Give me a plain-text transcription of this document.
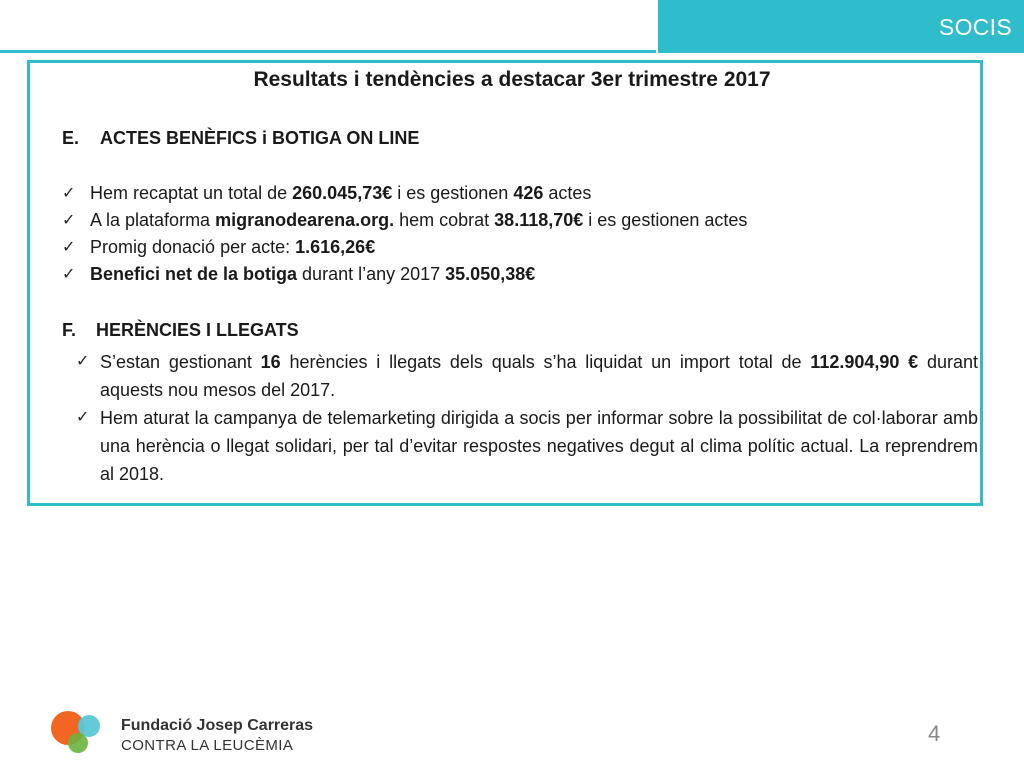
SOCIS
Resultats i tendències a destacar 3er trimestre 2017
E. ACTES BENÈFICS i BOTIGA ON LINE
✓ Hem recaptat un total de 260.045,73€ i es gestionen 426 actes
✓ A la plataforma migranodearena.org. hem cobrat 38.118,70€ i es gestionen actes
✓ Promig donació per acte: 1.616,26€
✓ Benefici net de la botiga durant l’any 2017 35.050,38€
F. HERÈNCIES I LLEGATS
✓ S’estan gestionant 16 herències i llegats dels quals s’ha liquidat un import total de 112.904,90 € durant aquests nou mesos del 2017.
✓ Hem aturat la campanya de telemarketing dirigida a socis per informar sobre la possibilitat de col·laborar amb una herència o llegat solidari, per tal d’evitar respostes negatives degut al clima polític actual. La reprendrem al 2018.
Fundació Josep Carreras
CONTRA LA LEUCÈMIA	4
